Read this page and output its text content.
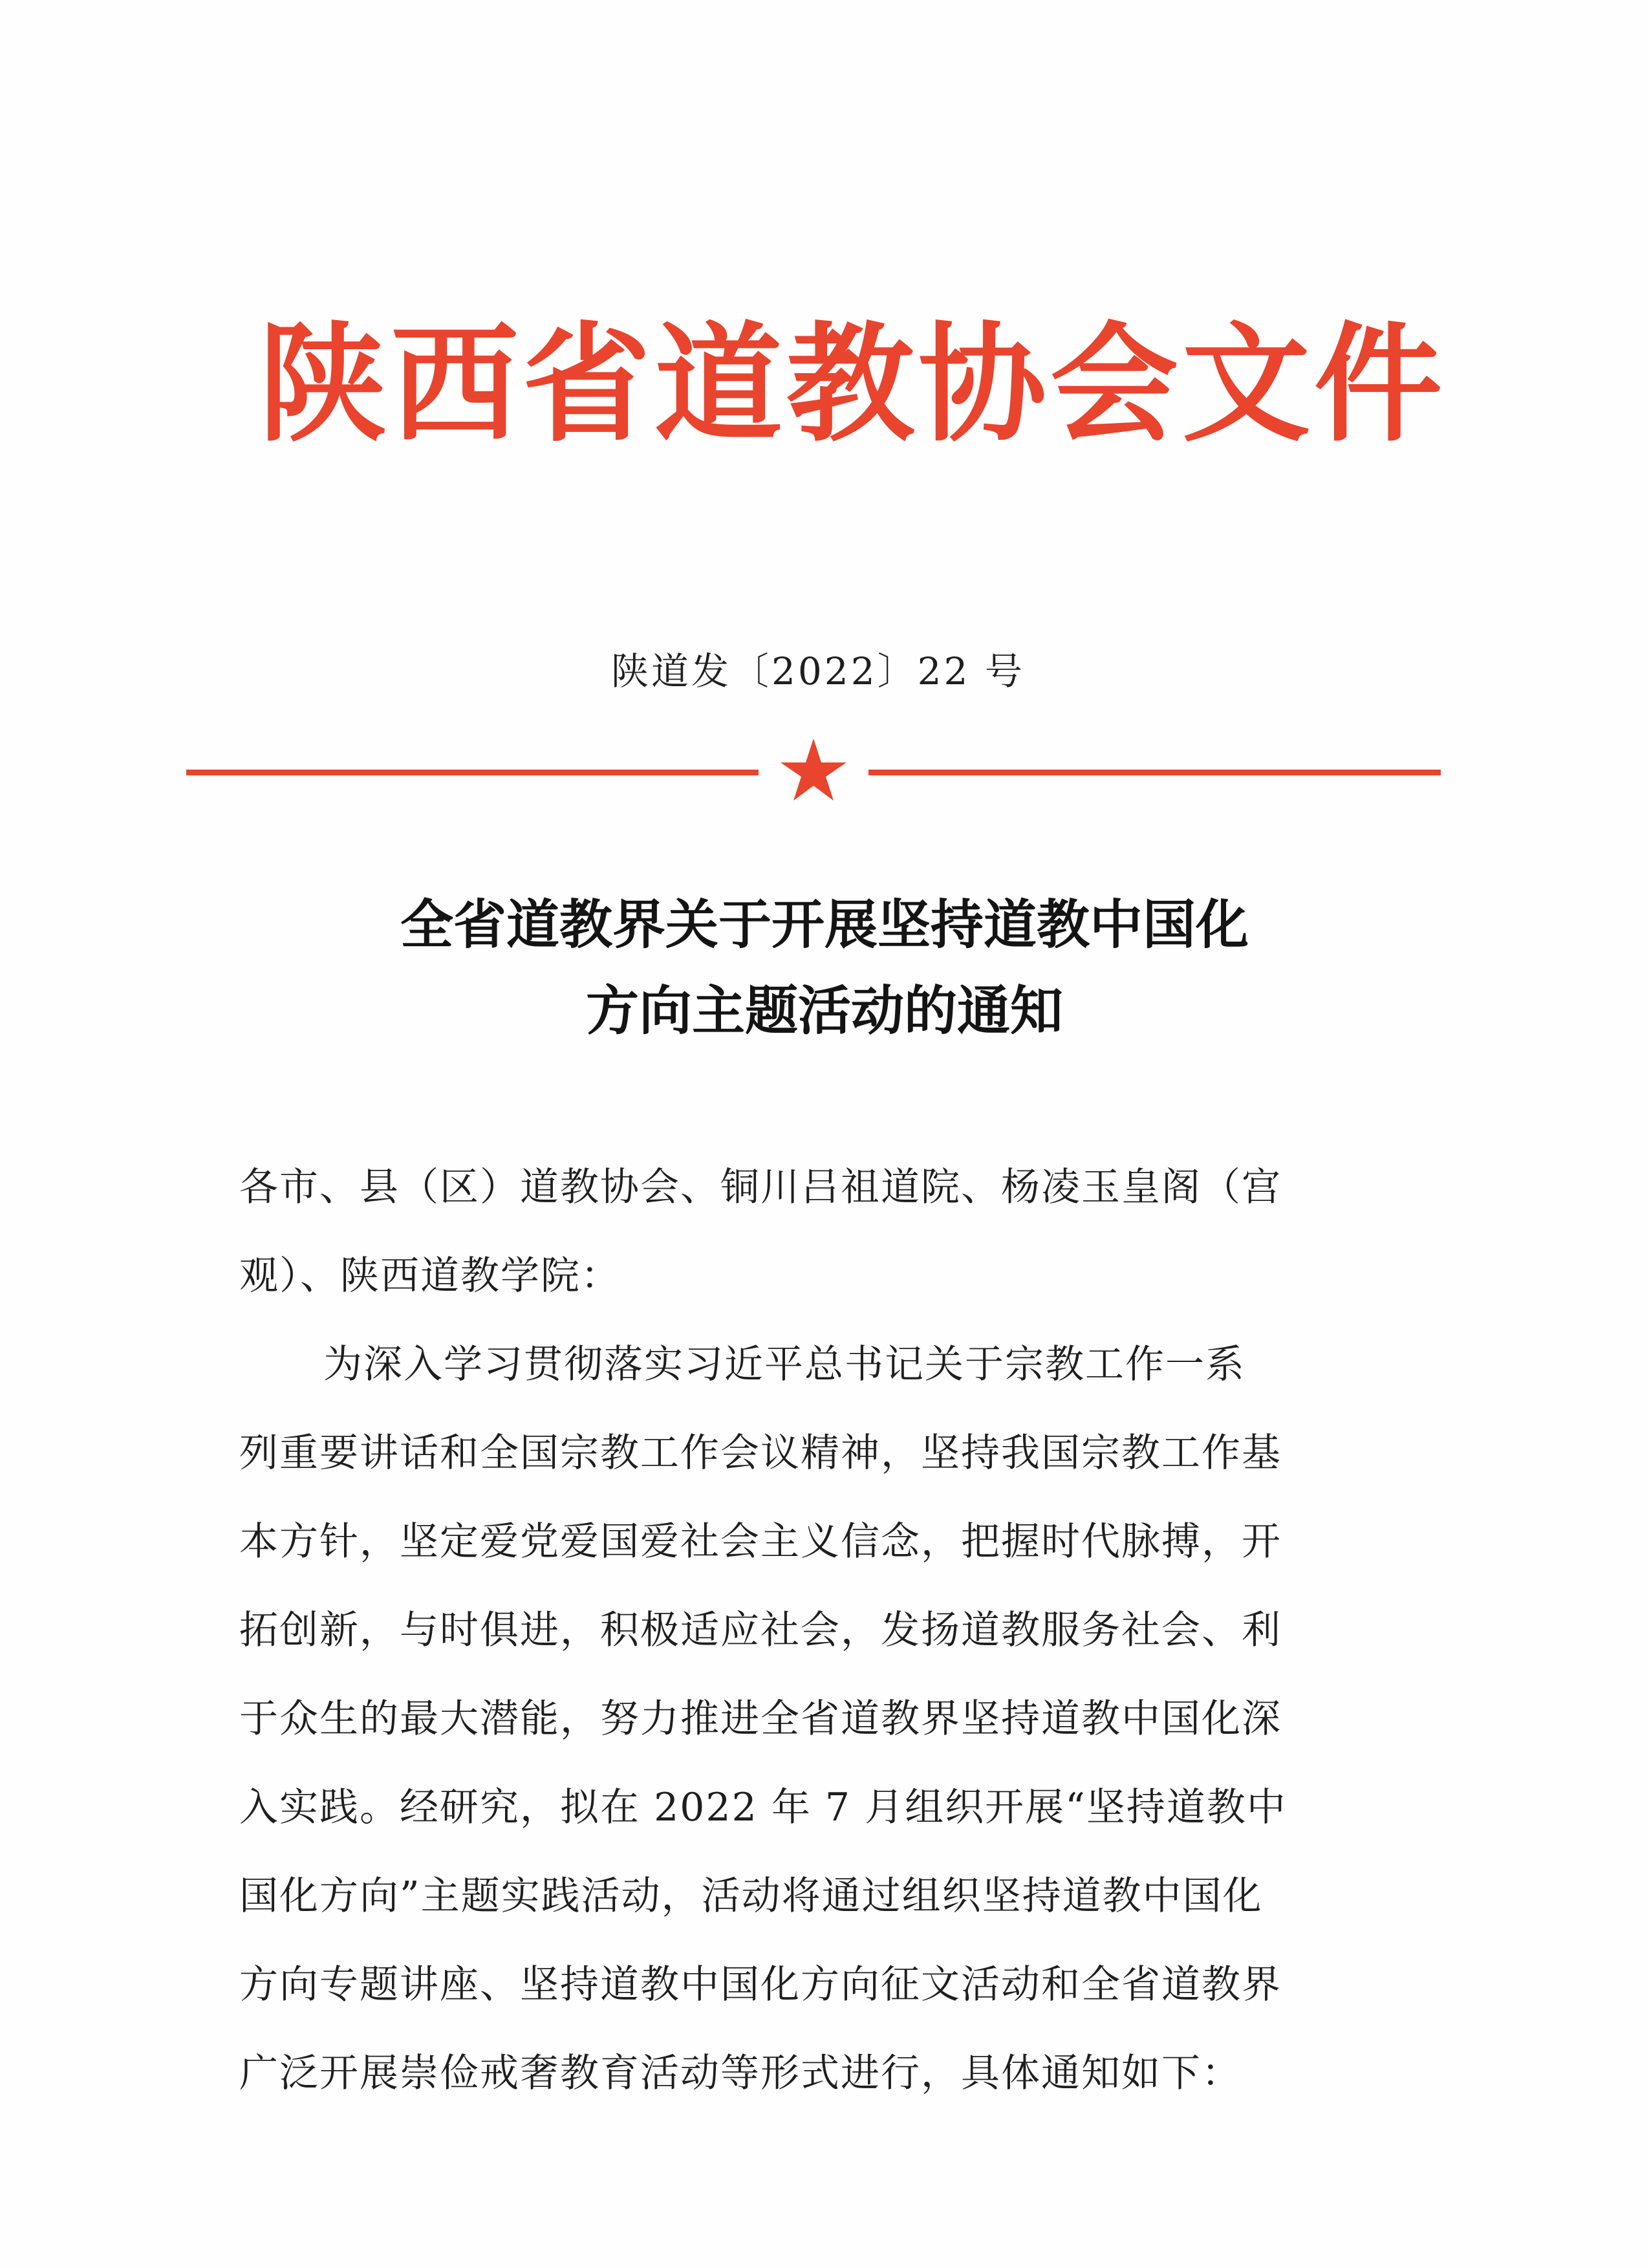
陕西省道教协会文件
陕道发〔2022〕22 号
全省道教界关于开展坚持道教中国化
方向主题活动的通知

各市、县（区）道教协会、铜川吕祖道院、杨凌玉皇阁（宫
观）、陕西道教学院：

为深入学习贯彻落实习近平总书记关于宗教工作一系
列重要讲话和全国宗教工作会议精神，坚持我国宗教工作基
本方针，坚定爱党爱国爱社会主义信念，把握时代脉搏，开
拓创新，与时俱进，积极适应社会，发扬道教服务社会、利
于众生的最大潜能，努力推进全省道教界坚持道教中国化深
入实践。经研究，拟在 2022 年 7 月组织开展“坚持道教中
国化方向”主题实践活动，活动将通过组织坚持道教中国化
方向专题讲座、坚持道教中国化方向征文活动和全省道教界
广泛开展崇俭戒奢教育活动等形式进行，具体通知如下：
